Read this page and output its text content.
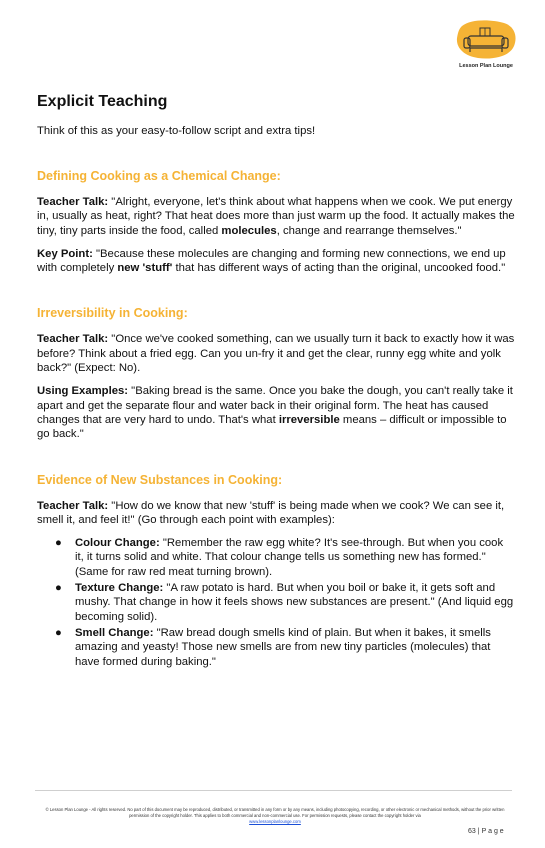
Lesson Plan Lounge
Explicit Teaching

Think of this as your easy-to-follow script and extra tips!

Defining Cooking as a Chemical Change:

Teacher Talk: "Alright, everyone, let's think about what happens when we cook. We put energy in, usually as heat, right? That heat does more than just warm up the food. It actually makes the tiny, tiny parts inside the food, called molecules, change and rearrange themselves."

Key Point: "Because these molecules are changing and forming new connections, we end up with completely new 'stuff' that has different ways of acting than the original, uncooked food."

Irreversibility in Cooking:

Teacher Talk: "Once we've cooked something, can we usually turn it back to exactly how it was before? Think about a fried egg. Can you un-fry it and get the clear, runny egg white and yolk back?" (Expect: No).

Using Examples: "Baking bread is the same. Once you bake the dough, you can't really take it apart and get the separate flour and water back in their original form. The heat has caused changes that are very hard to undo. That's what irreversible means – difficult or impossible to go back."

Evidence of New Substances in Cooking:

Teacher Talk: "How do we know that new 'stuff' is being made when we cook? We can see it, smell it, and feel it!" (Go through each point with examples):

● Colour Change: "Remember the raw egg white? It's see-through. But when you cook it, it turns solid and white. That colour change tells us something new has formed." (Same for raw red meat turning brown).
● Texture Change: "A raw potato is hard. But when you boil or bake it, it gets soft and mushy. That change in how it feels shows new substances are present." (And liquid egg becoming solid).
● Smell Change: "Raw bread dough smells kind of plain. But when it bakes, it smells amazing and yeasty! Those new smells are from new tiny particles (molecules) that have formed during baking."
© Lesson Plan Lounge - All rights reserved. No part of this document may be reproduced, distributed, or transmitted in any form or by any means, including photocopying, recording, or other electronic or mechanical methods, without the prior written permission of the copyright holder. This applies to both commercial and non-commercial use. For permission requests, please contact the copyright holder via
www.lessonplanlounge.com
63 | P a g e
